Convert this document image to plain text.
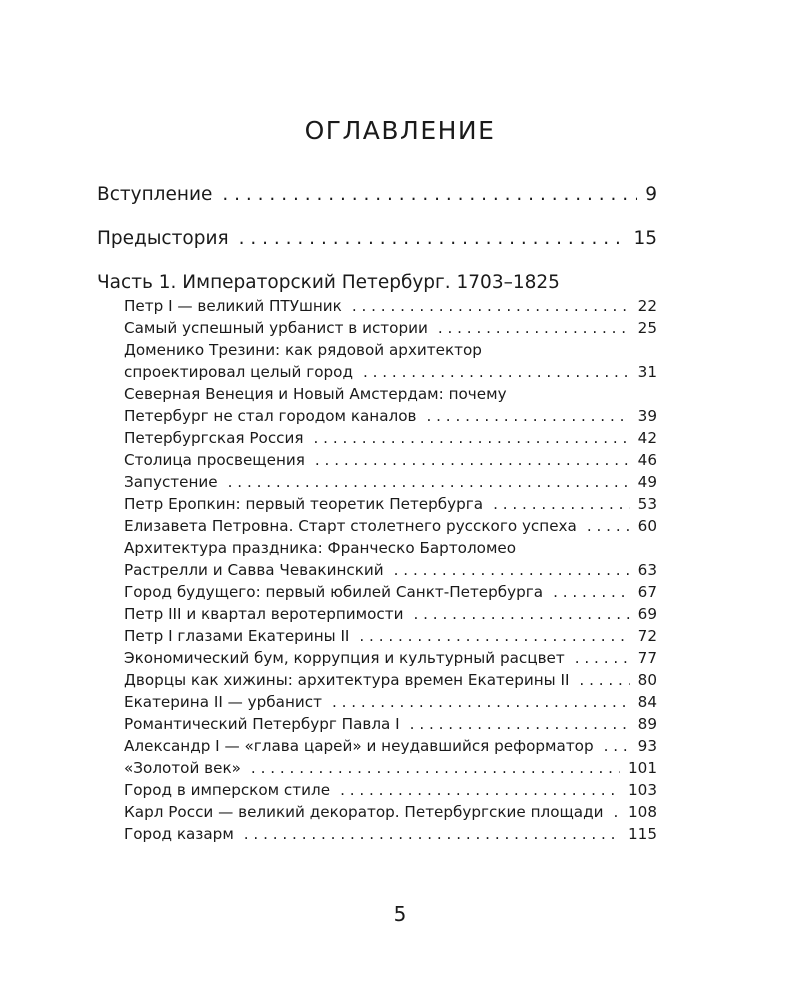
ОГЛАВЛЕНИЕ
Вступление . . .	9
Предыстория . . .	15
Часть 1. Императорский Петербург. 1703–1825
Петр I — великий ПТУшник . . .	22
Самый успешный урбанист в истории . . .	25
Доменико Трезини: как рядовой архитектор
спроектировал целый город . . .	31
Северная Венеция и Новый Амстердам: почему
Петербург не стал городом каналов . . .	39
Петербургская Россия . . .	42
Столица просвещения . . .	46
Запустение . . .	49
Петр Еропкин: первый теоретик Петербурга . . .	53
Елизавета Петровна. Старт столетнего русского успеха . . .	60
Архитектура праздника: Франческо Бартоломео
Растрелли и Савва Чевакинский . . .	63
Город будущего: первый юбилей Санкт-Петербурга . . .	67
Петр III и квартал веротерпимости . . .	69
Петр I глазами Екатерины II . . .	72
Экономический бум, коррупция и культурный расцвет . . .	77
Дворцы как хижины: архитектура времен Екатерины II . . .	80
Екатерина II — урбанист . . .	84
Романтический Петербург Павла I . . .	89
Александр I — «глава царей» и неудавшийся реформатор . . .	93
«Золотой век» . . .	101
Город в имперском стиле . . .	103
Карл Росси — великий декоратор. Петербургские площади . . . 108
Город казарм . . .	115
5
